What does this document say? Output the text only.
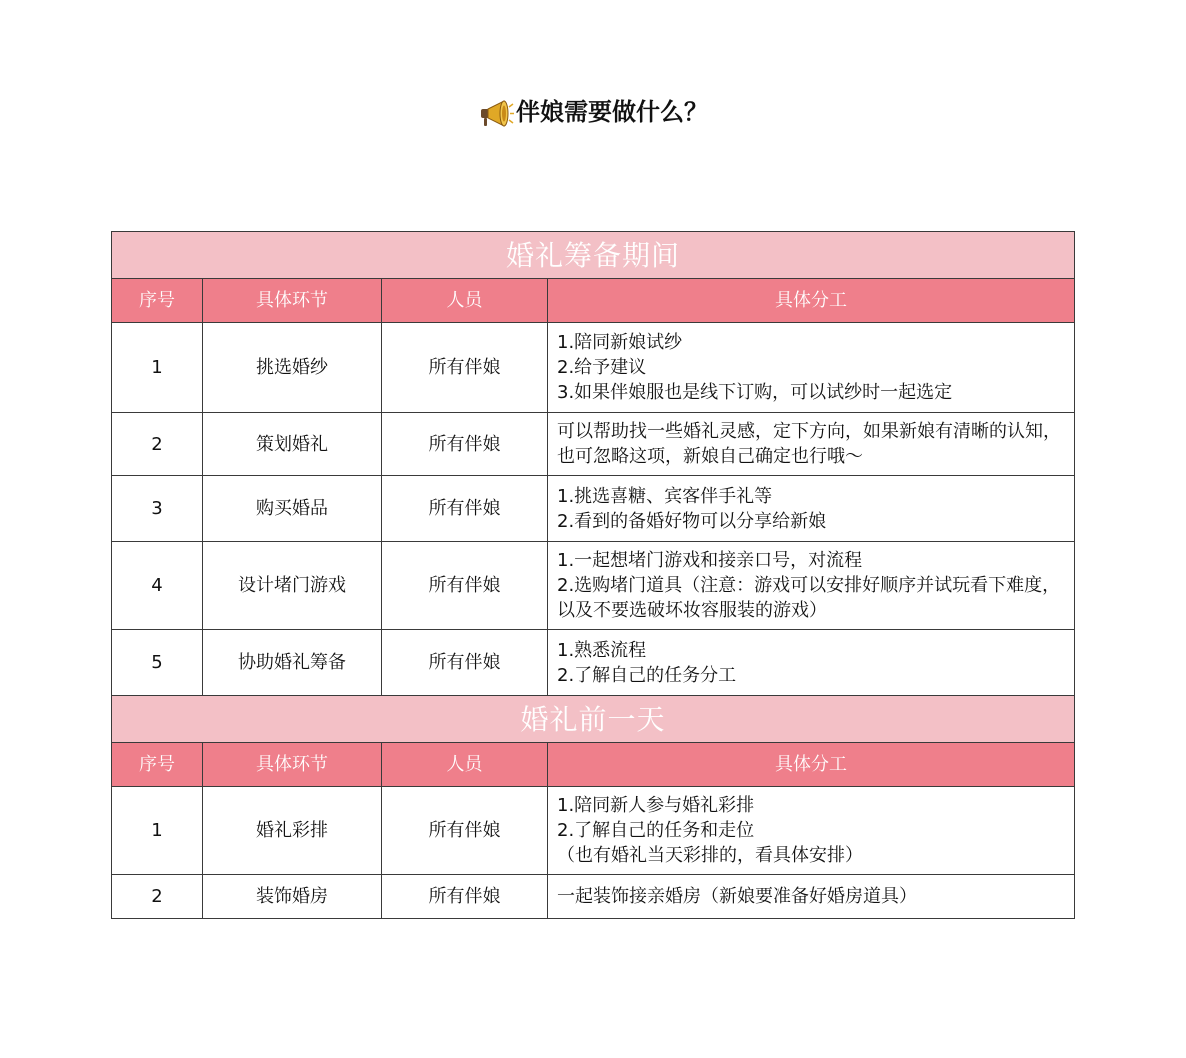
伴娘需要做什么？
婚礼筹备期间			
序号	具体环节	人员	具体分工
1	挑选婚纱	所有伴娘	1.陪同新娘试纱
2.给予建议
3.如果伴娘服也是线下订购，可以试纱时一起选定

2	策划婚礼	所有伴娘	可以帮助找一些婚礼灵感，定下方向，如果新娘有清晰的认知，也可忽略这项，新娘自己确定也行哦～

3	购买婚品	所有伴娘	1.挑选喜糖、宾客伴手礼等
2.看到的备婚好物可以分享给新娘

4	设计堵门游戏	所有伴娘	1.一起想堵门游戏和接亲口号，对流程
2.选购堵门道具（注意：游戏可以安排好顺序并试玩看下难度，以及不要选破坏妆容服装的游戏）

5	协助婚礼筹备	所有伴娘	1.熟悉流程
2.了解自己的任务分工

婚礼前一天			
序号	具体环节	人员	具体分工
1	婚礼彩排	所有伴娘	1.陪同新人参与婚礼彩排
2.了解自己的任务和走位
（也有婚礼当天彩排的，看具体安排）

2	装饰婚房	所有伴娘	一起装饰接亲婚房（新娘要准备好婚房道具）
